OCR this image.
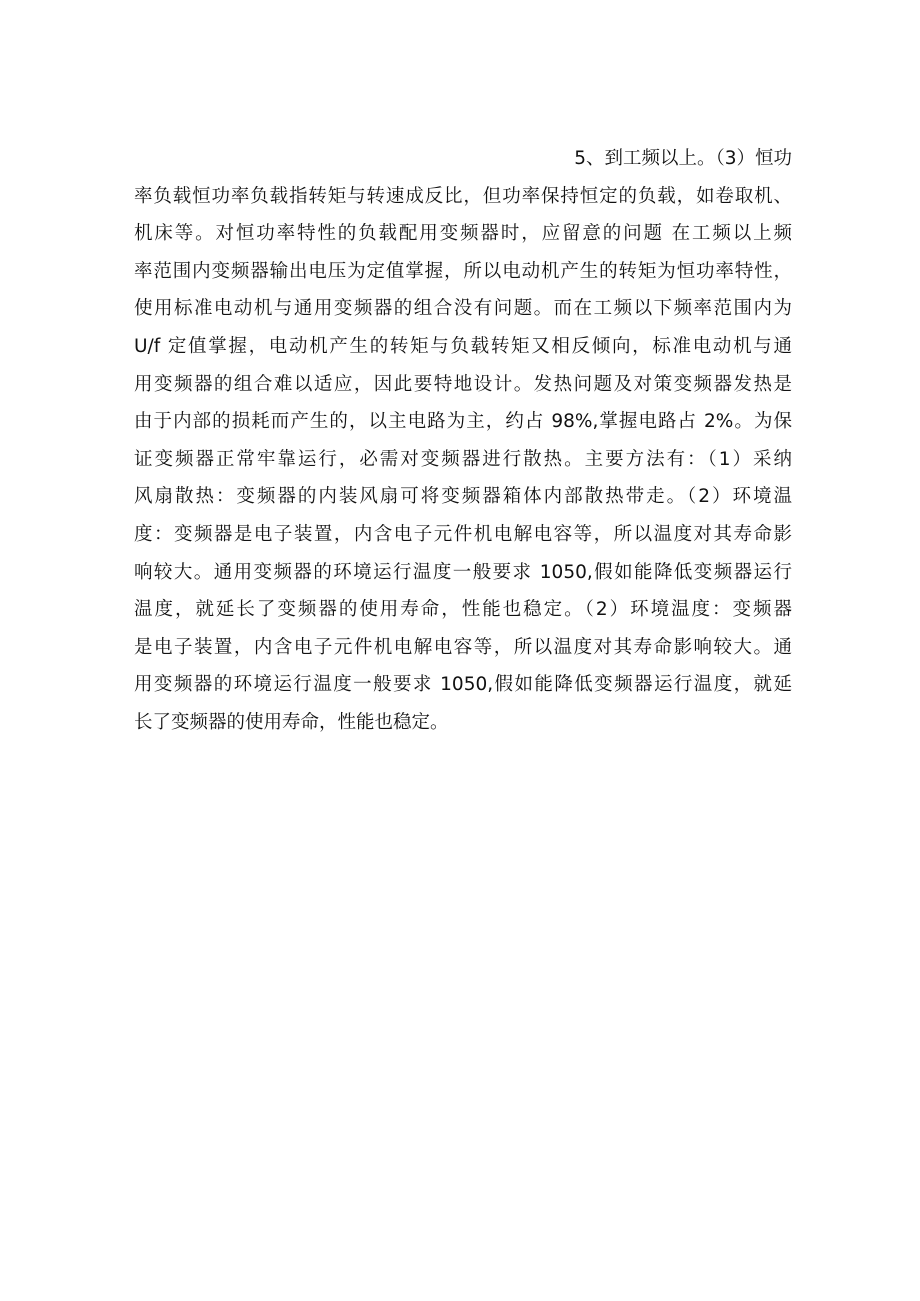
5、到工频以上。（3）恒功
率负载恒功率负载指转矩与转速成反比，但功率保持恒定的负载，如卷取机、
机床等。对恒功率特性的负载配用变频器时，应留意的问题 在工频以上频
率范围内变频器输出电压为定值掌握，所以电动机产生的转矩为恒功率特性，
使用标准电动机与通用变频器的组合没有问题。而在工频以下频率范围内为
U/f 定值掌握，电动机产生的转矩与负载转矩又相反倾向，标准电动机与通
用变频器的组合难以适应，因此要特地设计。发热问题及对策变频器发热是
由于内部的损耗而产生的，以主电路为主，约占 98%,掌握电路占 2%。为保
证变频器正常牢靠运行，必需对变频器进行散热。主要方法有：（1）采纳
风扇散热：变频器的内装风扇可将变频器箱体内部散热带走。（2）环境温
度：变频器是电子装置，内含电子元件机电解电容等，所以温度对其寿命影
响较大。通用变频器的环境运行温度一般要求 1050,假如能降低变频器运行
温度，就延长了变频器的使用寿命，性能也稳定。（2）环境温度：变频器
是电子装置，内含电子元件机电解电容等，所以温度对其寿命影响较大。通
用变频器的环境运行温度一般要求 1050,假如能降低变频器运行温度，就延
长了变频器的使用寿命，性能也稳定。
